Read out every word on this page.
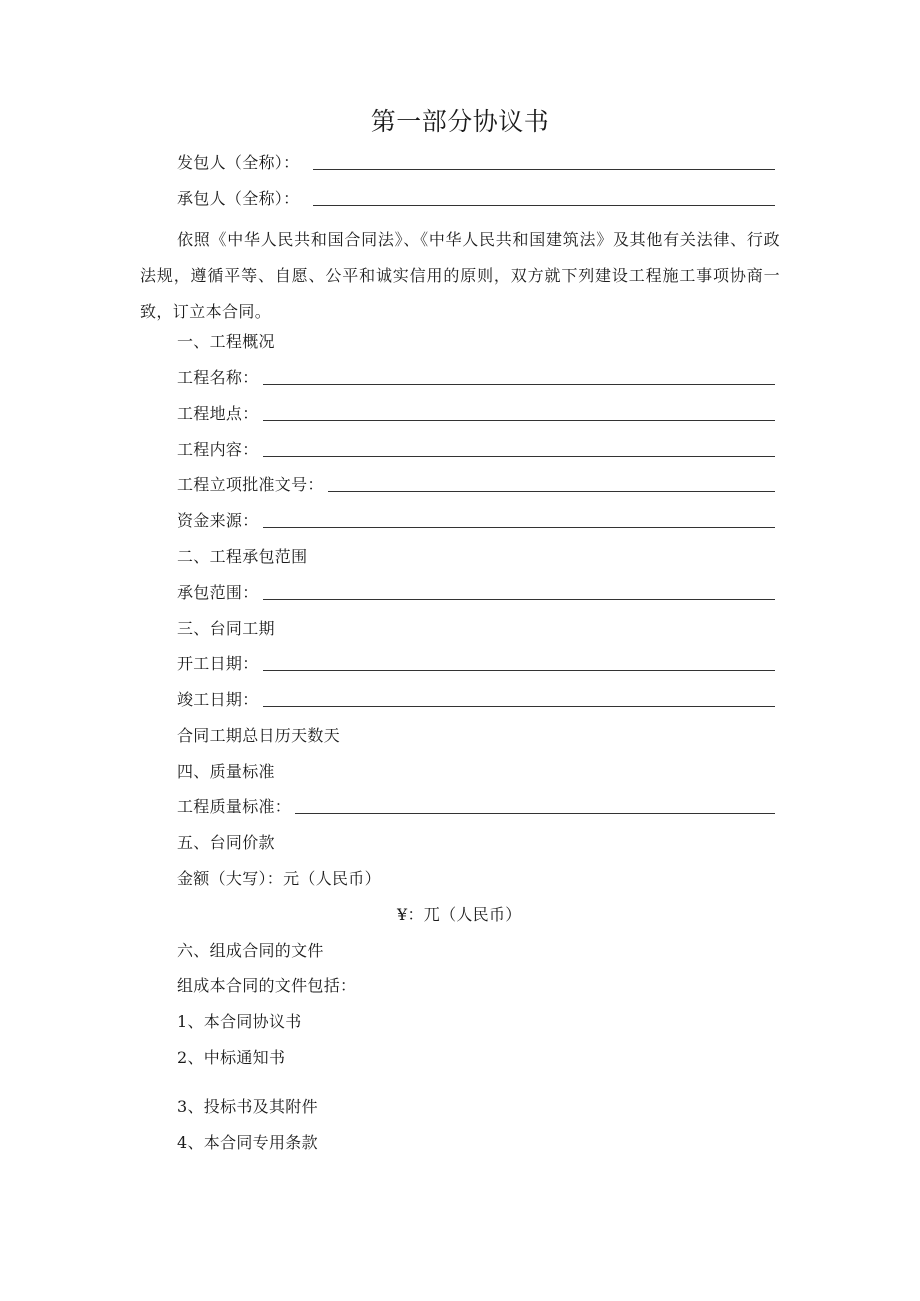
第一部分协议书
发包人（全称）：
承包人（全称）：
依照《中华人民共和国合同法》、《中华人民共和国建筑法》及其他有关法律、行政法规，遵循平等、自愿、公平和诚实信用的原则，双方就下列建设工程施工事项协商一致，订立本合同。
一、工程概况
工程名称：
工程地点：
工程内容：
工程立项批准文号：
资金来源：
二、工程承包范围
承包范围：
三、台同工期
开工日期：
竣工日期：
合同工期总日历天数天
四、质量标准
工程质量标准：
五、台同价款
金额（大写）：元（人民币）
¥：兀（人民币）
六、组成合同的文件
组成本合同的文件包括：
1、本合同协议书
2、中标通知书
3、投标书及其附件
4、本合同专用条款
